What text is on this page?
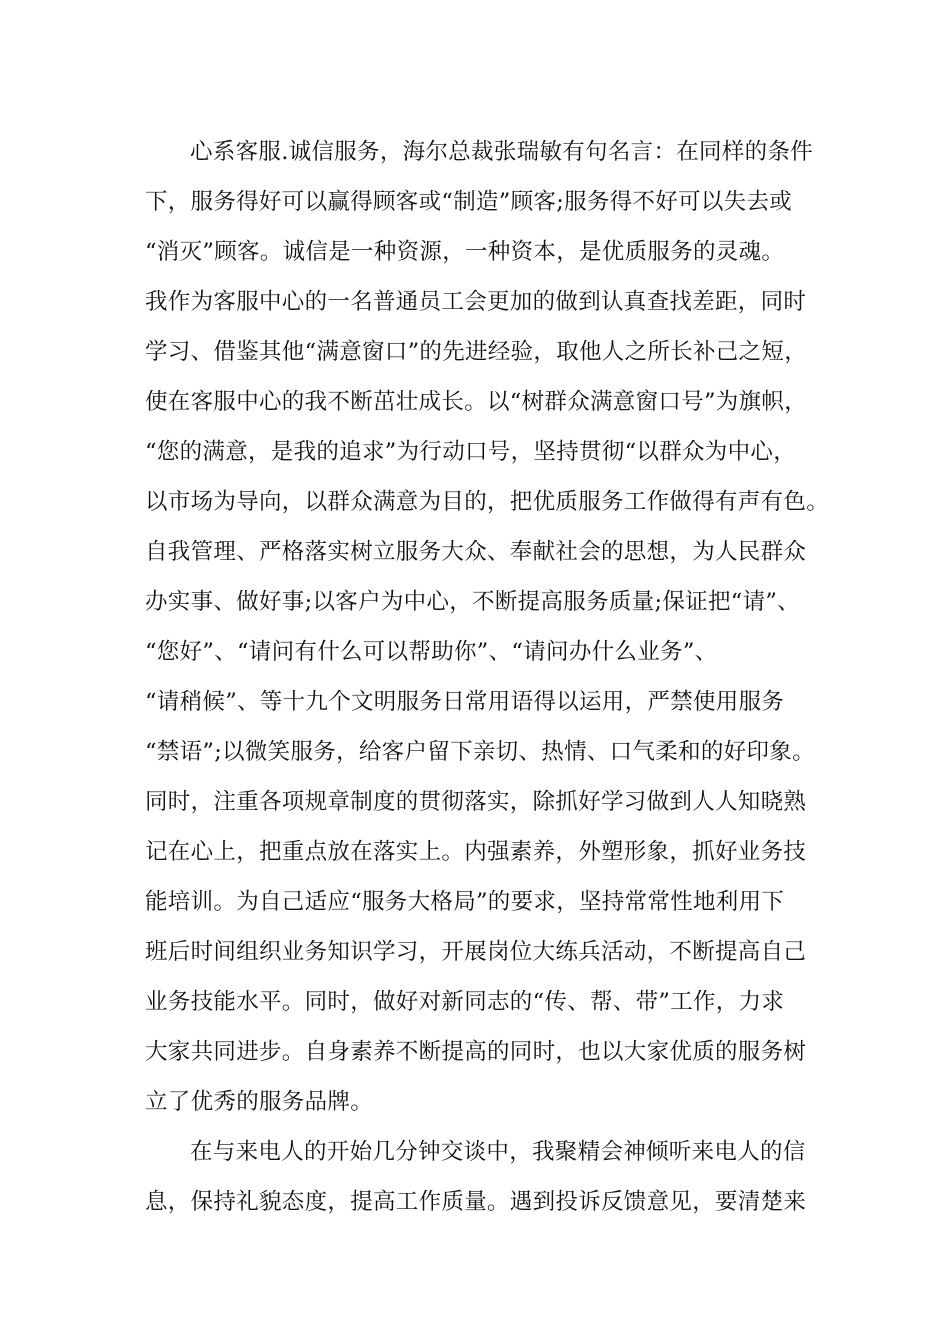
心系客服.诚信服务，海尔总裁张瑞敏有句名言：在同样的条件
下，服务得好可以赢得顾客或“制造”顾客;服务得不好可以失去或
“消灭”顾客。诚信是一种资源，一种资本，是优质服务的灵魂。
我作为客服中心的一名普通员工会更加的做到认真查找差距，同时
学习、借鉴其他“满意窗口”的先进经验，取他人之所长补己之短，
使在客服中心的我不断茁壮成长。以“树群众满意窗口号”为旗帜，
“您的满意，是我的追求”为行动口号，坚持贯彻“以群众为中心，
以市场为导向，以群众满意为目的，把优质服务工作做得有声有色。
自我管理、严格落实树立服务大众、奉献社会的思想，为人民群众
办实事、做好事;以客户为中心，不断提高服务质量;保证把“请”、
“您好”、“请问有什么可以帮助你”、“请问办什么业务”、
“请稍候”、等十九个文明服务日常用语得以运用，严禁使用服务
“禁语”;以微笑服务，给客户留下亲切、热情、口气柔和的好印象。
同时，注重各项规章制度的贯彻落实，除抓好学习做到人人知晓熟
记在心上，把重点放在落实上。内强素养，外塑形象，抓好业务技
能培训。为自己适应“服务大格局”的要求，坚持常常性地利用下
班后时间组织业务知识学习，开展岗位大练兵活动，不断提高自己
业务技能水平。同时，做好对新同志的“传、帮、带”工作，力求
大家共同进步。自身素养不断提高的同时，也以大家优质的服务树
立了优秀的服务品牌。
在与来电人的开始几分钟交谈中，我聚精会神倾听来电人的信
息，保持礼貌态度，提高工作质量。遇到投诉反馈意见，要清楚来
